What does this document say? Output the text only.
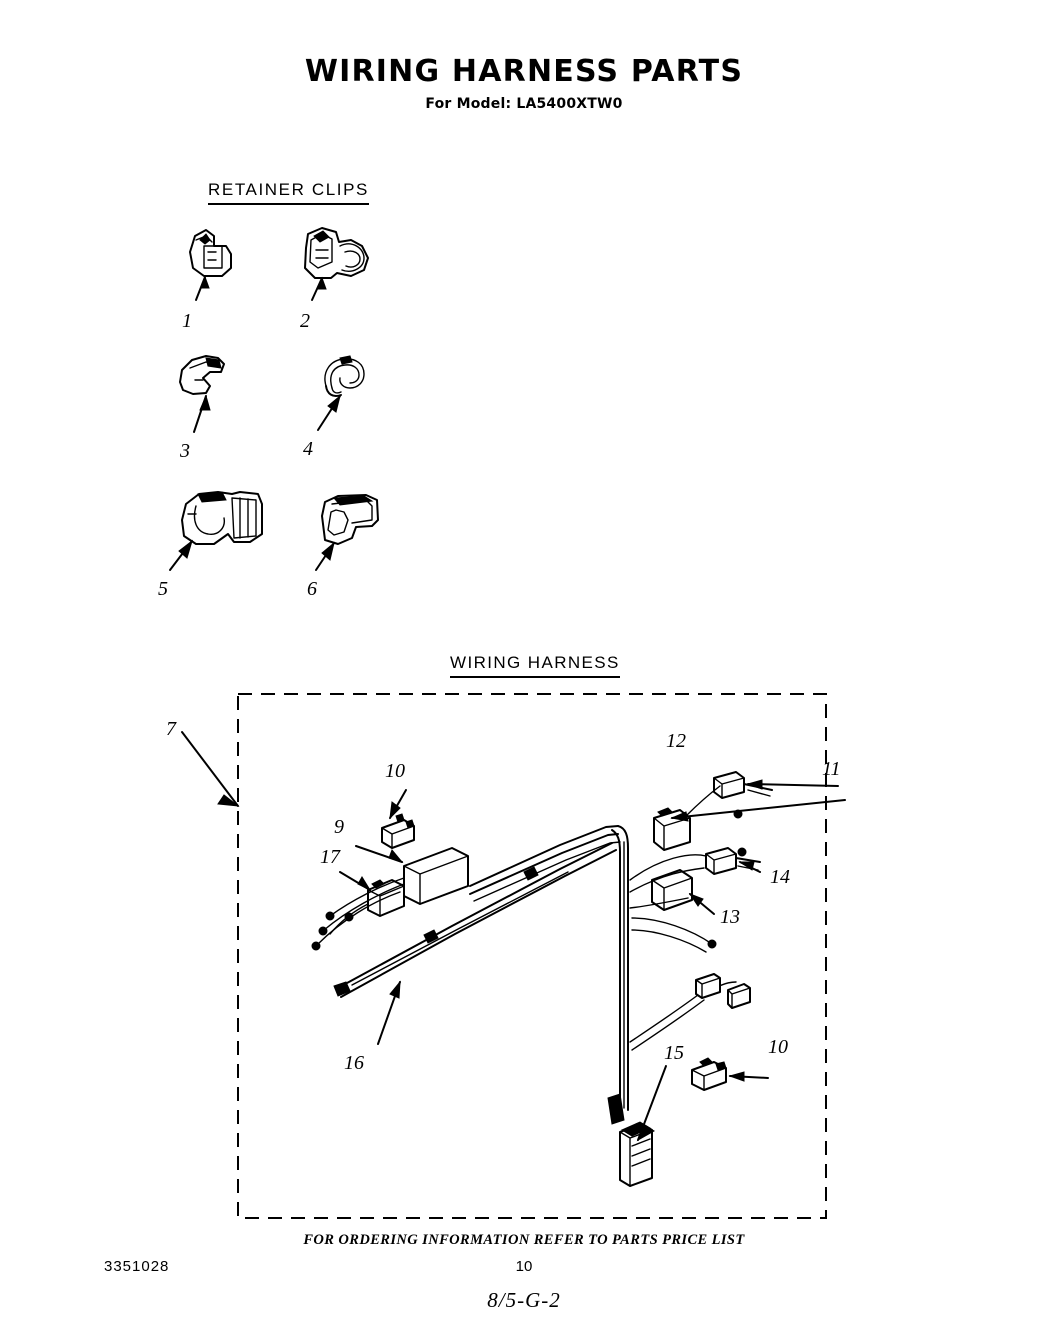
WIRING HARNESS PARTS
For Model: LA5400XTW0
RETAINER CLIPS
WIRING HARNESS
1	2
3	4
5	6
7
9
10	11
12
13
14
15
16
17
10
FOR ORDERING INFORMATION REFER TO PARTS PRICE LIST
3351028	10
8/5-G-2
